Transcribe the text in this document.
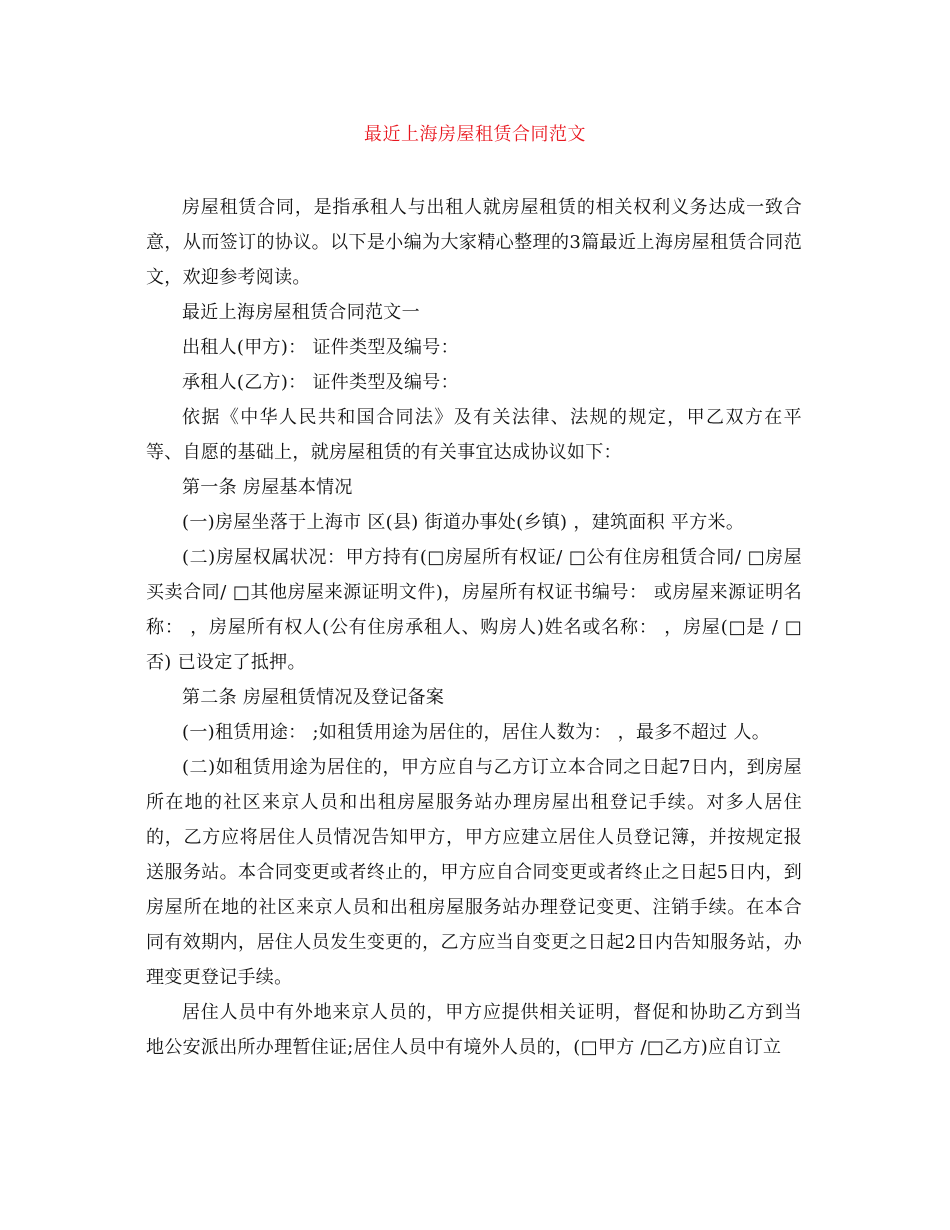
最近上海房屋租赁合同范文

房屋租赁合同，是指承租人与出租人就房屋租赁的相关权利义务达成一致合意，从而签订的协议。以下是小编为大家精心整理的3篇最近上海房屋租赁合同范文，欢迎参考阅读。

最近上海房屋租赁合同范文一

出租人(甲方)： 证件类型及编号：

承租人(乙方)： 证件类型及编号：

依据《中华人民共和国合同法》及有关法律、法规的规定，甲乙双方在平等、自愿的基础上，就房屋租赁的有关事宜达成协议如下：

第一条 房屋基本情况

(一)房屋坐落于上海市 区(县) 街道办事处(乡镇) ，建筑面积 平方米。

(二)房屋权属状况：甲方持有(□房屋所有权证/ □公有住房租赁合同/ □房屋买卖合同/ □其他房屋来源证明文件)，房屋所有权证书编号： 或房屋来源证明名称： ，房屋所有权人(公有住房承租人、购房人)姓名或名称： ，房屋(□是 / □否) 已设定了抵押。

第二条 房屋租赁情况及登记备案

(一)租赁用途： ;如租赁用途为居住的，居住人数为： ，最多不超过 人。

(二)如租赁用途为居住的，甲方应自与乙方订立本合同之日起7日内，到房屋所在地的社区来京人员和出租房屋服务站办理房屋出租登记手续。对多人居住的，乙方应将居住人员情况告知甲方，甲方应建立居住人员登记簿，并按规定报送服务站。本合同变更或者终止的，甲方应自合同变更或者终止之日起5日内，到房屋所在地的社区来京人员和出租房屋服务站办理登记变更、注销手续。在本合同有效期内，居住人员发生变更的，乙方应当自变更之日起2日内告知服务站，办理变更登记手续。

居住人员中有外地来京人员的，甲方应提供相关证明，督促和协助乙方到当地公安派出所办理暂住证;居住人员中有境外人员的，(□甲方 /□乙方)应自订立
